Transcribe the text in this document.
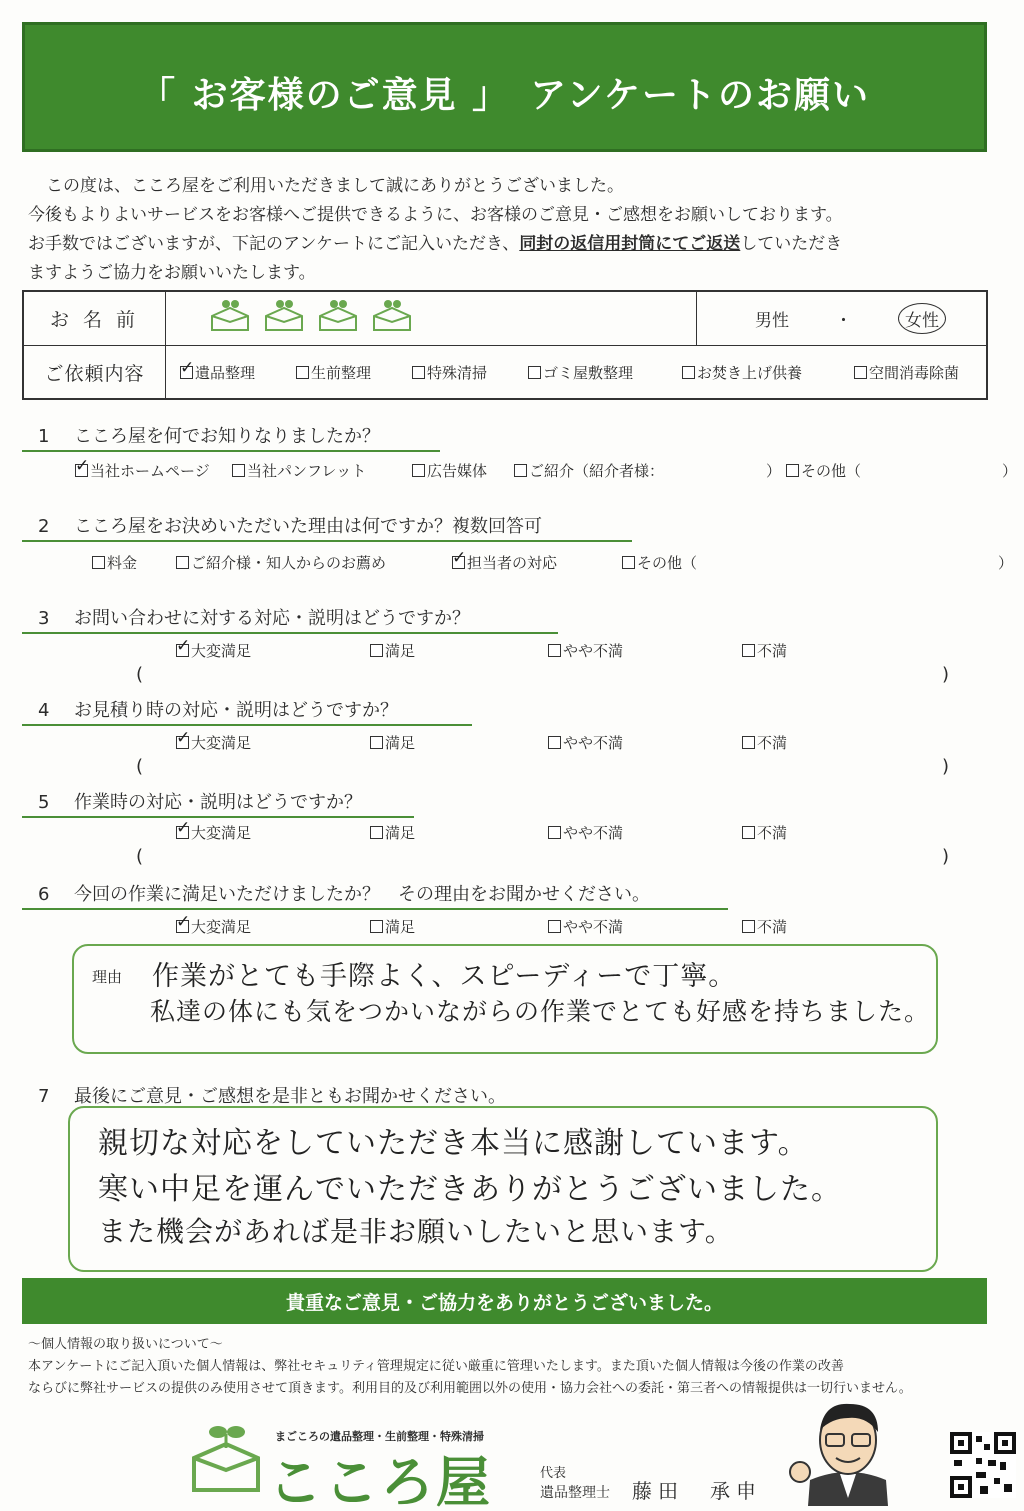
「 お客様のご意見 」　アンケートのお願い

この度は、こころ屋をご利用いただきまして誠にありがとうございました。

今後もよりよいサービスをお客様へご提供できるように、お客様のご意見・ご感想をお願いしております。

お手数ではございますが、下記のアンケートにご記入いただき、同封の返信用封筒にてご返送していただき

ますようご協力をお願いいたします。

お 名 前	男性	・	女性
ご依頼内容 ✓	遺品整理	生前整理	特殊清掃	ゴミ屋敷整理	お焚き上げ供養	空間消毒除菌
1 こころ屋を何でお知りなりましたか？
✓当社ホームページ	当社パンフレット	広告媒体	ご紹介（紹介者様：	）	その他（	）
2 こころ屋をお決めいただいた理由は何ですか？複数回答可
料金	ご紹介様・知人からのお薦め ✓	担当者の対応	その他（	）
3 お問い合わせに対する対応・説明はどうですか？
✓大変満足	満足	やや不満	不満
(	)
4 お見積り時の対応・説明はどうですか？
✓大変満足	満足	やや不満	不満
(	)
5 作業時の対応・説明はどうですか？
✓大変満足	満足	やや不満	不満
(	)
6 今回の作業に満足いただけましたか？　その理由をお聞かせください。
✓大変満足	満足	やや不満	不満
理由 作業がとても手際よく、スピーディーで丁寧。
私達の体にも気をつかいながらの作業でとても好感を持ちました。
7 最後にご意見・ご感想を是非ともお聞かせください。
親切な対応をしていただき本当に感謝しています。
寒い中足を運んでいただきありがとうございました。
また機会があれば是非お願いしたいと思います。
貴重なご意見・ご協力をありがとうございました。

～個人情報の取り扱いについて～

本アンケートにご記入頂いた個人情報は、弊社セキュリティ管理規定に従い厳重に管理いたします。また頂いた個人情報は今後の作業の改善

ならびに弊社サービスの提供のみ使用させて頂きます。利用目的及び利用範囲以外の使用・協力会社への委託・第三者への情報提供は一切行いません。

まごころの遺品整理・生前整理・特殊清掃
こころ屋	代表
遺品整理士 藤田　承申
